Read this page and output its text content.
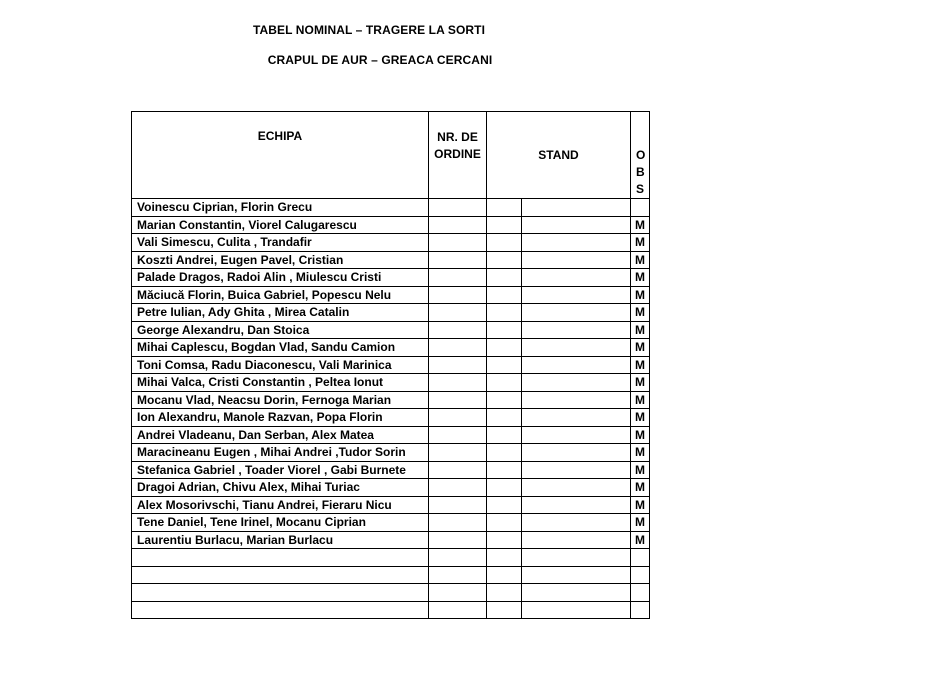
TABEL NOMINAL – TRAGERE LA SORTI
CRAPUL DE AUR – GREACA CERCANI
ECHIPA	NR. DE ORDINE	STAND		O B S

Voinescu Ciprian, Florin Grecu				
Marian Constantin, Viorel Calugarescu				M
Vali Simescu, Culita , Trandafir				M
Koszti Andrei, Eugen Pavel, Cristian				M
Palade Dragos, Radoi Alin , Miulescu Cristi				M
Măciucă Florin, Buica Gabriel, Popescu Nelu				M
Petre Iulian, Ady Ghita , Mirea Catalin				M
George Alexandru, Dan Stoica				M
Mihai Caplescu, Bogdan Vlad, Sandu Camion				M
Toni Comsa, Radu Diaconescu, Vali Marinica				M
Mihai Valca, Cristi Constantin , Peltea Ionut				M
Mocanu Vlad, Neacsu Dorin, Fernoga Marian				M
Ion Alexandru, Manole Razvan, Popa Florin				M
Andrei Vladeanu, Dan Serban, Alex Matea				M
Maracineanu Eugen , Mihai Andrei ,Tudor Sorin				M
Stefanica Gabriel , Toader Viorel , Gabi Burnete				M
Dragoi Adrian, Chivu Alex, Mihai Turiac				M
Alex Mosorivschi, Tianu Andrei, Fieraru Nicu				M
Tene Daniel, Tene Irinel, Mocanu Ciprian				M
Laurentiu Burlacu, Marian Burlacu				M
